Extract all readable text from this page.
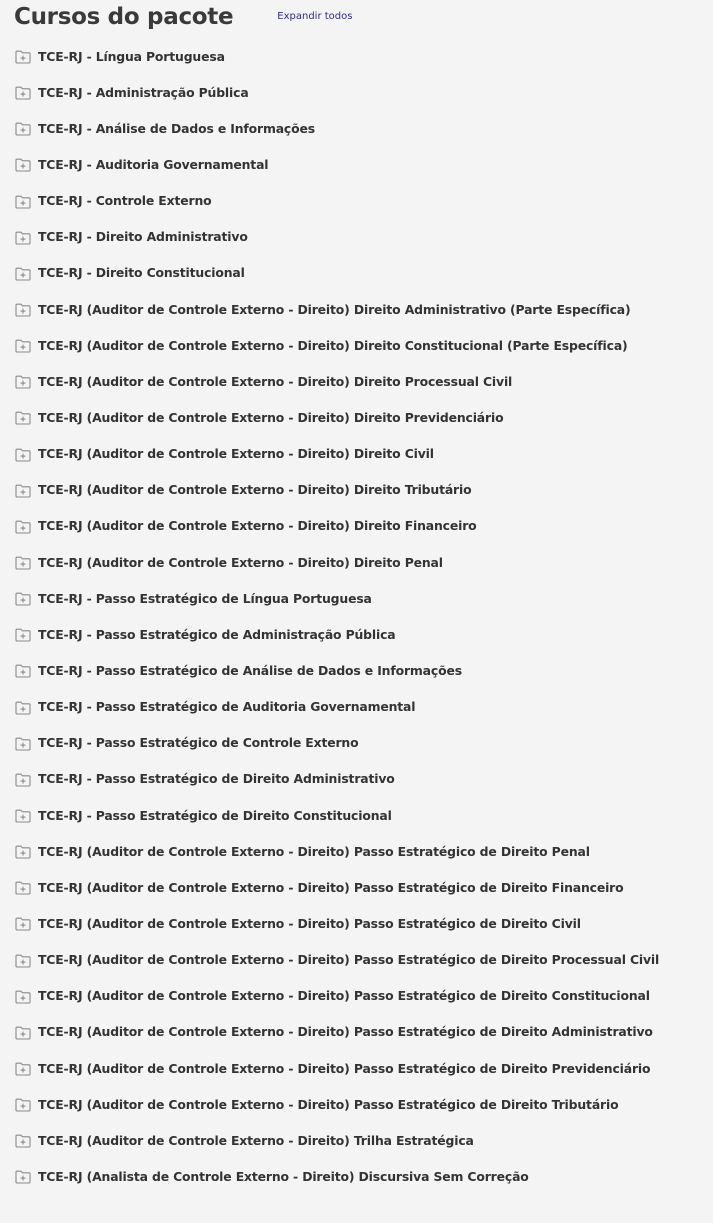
Cursos do pacote	Expandir todos
TCE-RJ - Língua Portuguesa
TCE-RJ - Administração Pública
TCE-RJ - Análise de Dados e Informações
TCE-RJ - Auditoria Governamental
TCE-RJ - Controle Externo
TCE-RJ - Direito Administrativo
TCE-RJ - Direito Constitucional
TCE-RJ (Auditor de Controle Externo - Direito) Direito Administrativo (Parte Específica)
TCE-RJ (Auditor de Controle Externo - Direito) Direito Constitucional (Parte Específica)
TCE-RJ (Auditor de Controle Externo - Direito) Direito Processual Civil
TCE-RJ (Auditor de Controle Externo - Direito) Direito Previdenciário
TCE-RJ (Auditor de Controle Externo - Direito) Direito Civil
TCE-RJ (Auditor de Controle Externo - Direito) Direito Tributário
TCE-RJ (Auditor de Controle Externo - Direito) Direito Financeiro
TCE-RJ (Auditor de Controle Externo - Direito) Direito Penal
TCE-RJ - Passo Estratégico de Língua Portuguesa
TCE-RJ - Passo Estratégico de Administração Pública
TCE-RJ - Passo Estratégico de Análise de Dados e Informações
TCE-RJ - Passo Estratégico de Auditoria Governamental
TCE-RJ - Passo Estratégico de Controle Externo
TCE-RJ - Passo Estratégico de Direito Administrativo
TCE-RJ - Passo Estratégico de Direito Constitucional
TCE-RJ (Auditor de Controle Externo - Direito) Passo Estratégico de Direito Penal
TCE-RJ (Auditor de Controle Externo - Direito) Passo Estratégico de Direito Financeiro
TCE-RJ (Auditor de Controle Externo - Direito) Passo Estratégico de Direito Civil
TCE-RJ (Auditor de Controle Externo - Direito) Passo Estratégico de Direito Processual Civil
TCE-RJ (Auditor de Controle Externo - Direito) Passo Estratégico de Direito Constitucional
TCE-RJ (Auditor de Controle Externo - Direito) Passo Estratégico de Direito Administrativo
TCE-RJ (Auditor de Controle Externo - Direito) Passo Estratégico de Direito Previdenciário
TCE-RJ (Auditor de Controle Externo - Direito) Passo Estratégico de Direito Tributário
TCE-RJ (Auditor de Controle Externo - Direito) Trilha Estratégica
TCE-RJ (Analista de Controle Externo - Direito) Discursiva Sem Correção
